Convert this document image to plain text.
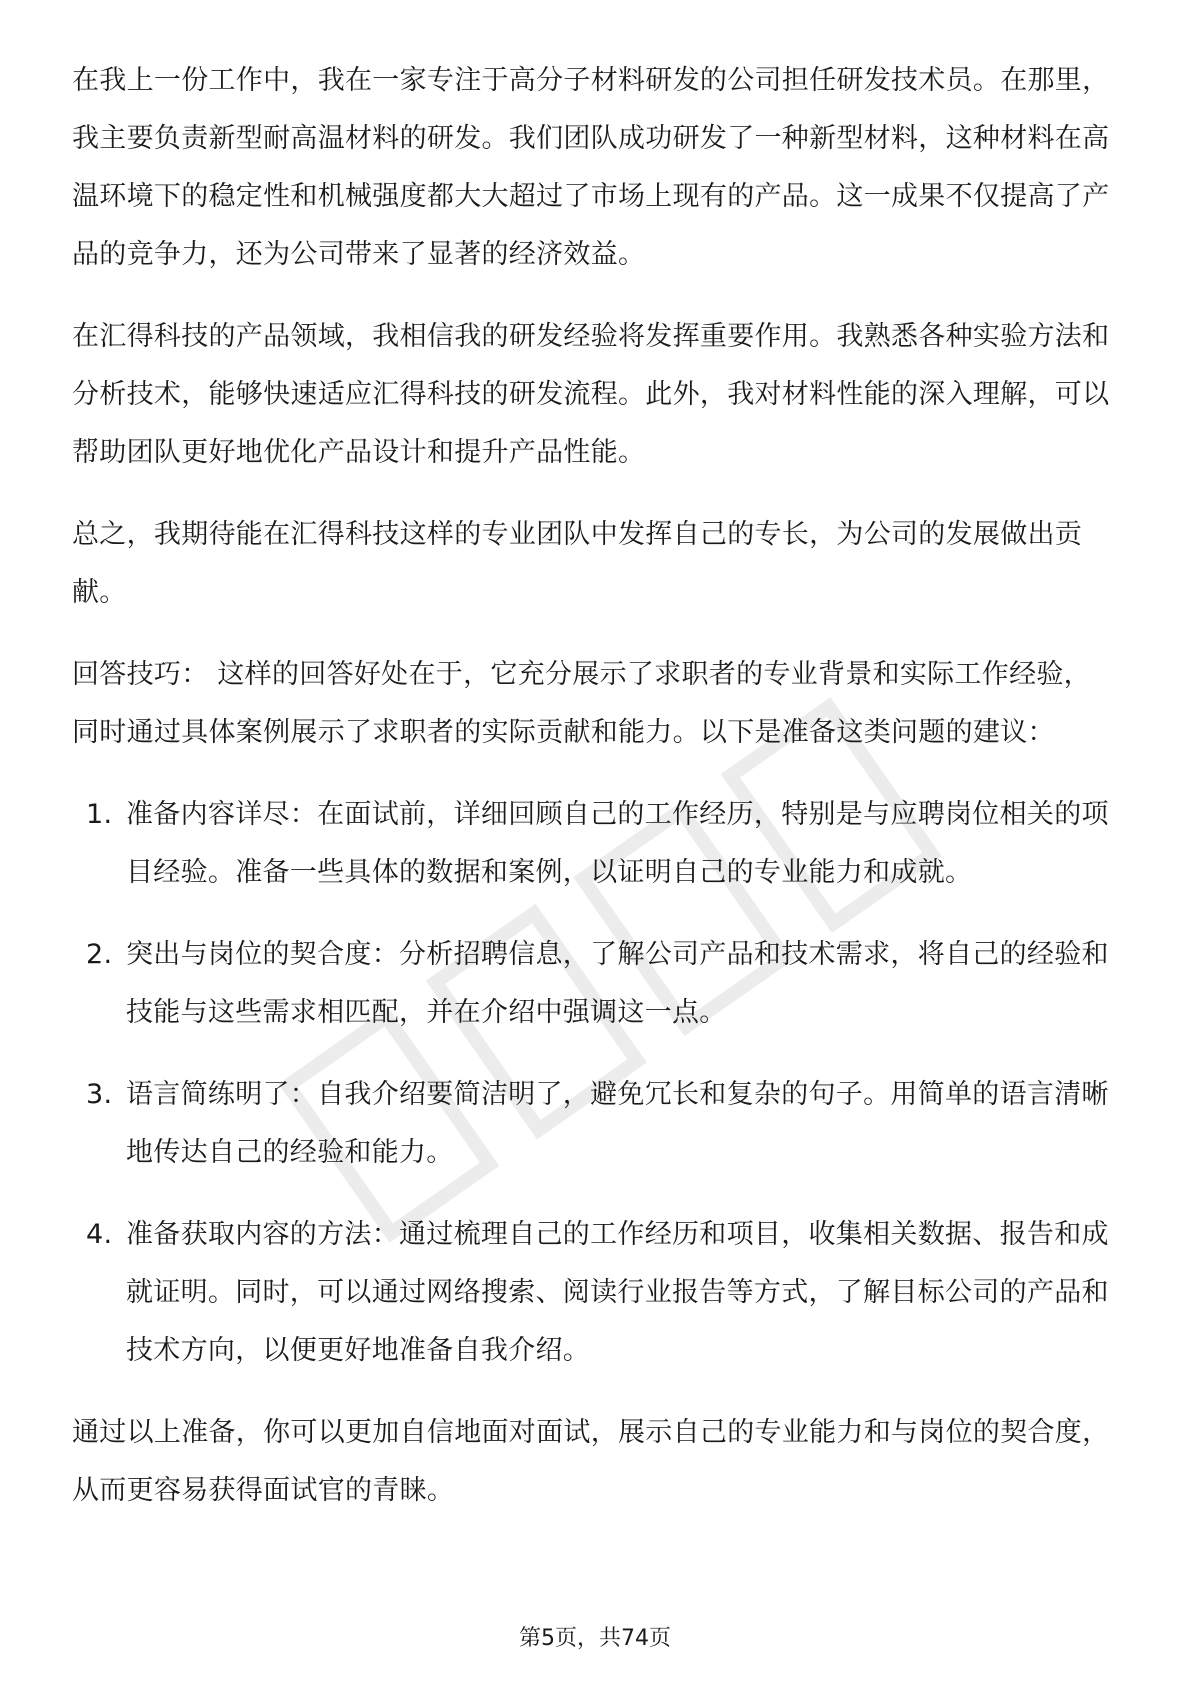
在我上一份工作中，我在一家专注于高分子材料研发的公司担任研发技术员。在那里，我主要负责新型耐高温材料的研发。我们团队成功研发了一种新型材料，这种材料在高温环境下的稳定性和机械强度都大大超过了市场上现有的产品。这一成果不仅提高了产品的竞争力，还为公司带来了显著的经济效益。

在汇得科技的产品领域，我相信我的研发经验将发挥重要作用。我熟悉各种实验方法和分析技术，能够快速适应汇得科技的研发流程。此外，我对材料性能的深入理解，可以帮助团队更好地优化产品设计和提升产品性能。

总之，我期待能在汇得科技这样的专业团队中发挥自己的专长，为公司的发展做出贡献。

回答技巧： 这样的回答好处在于，它充分展示了求职者的专业背景和实际工作经验，同时通过具体案例展示了求职者的实际贡献和能力。以下是准备这类问题的建议：

1. 准备内容详尽：在面试前，详细回顾自己的工作经历，特别是与应聘岗位相关的项目经验。准备一些具体的数据和案例，以证明自己的专业能力和成就。
2. 突出与岗位的契合度：分析招聘信息，了解公司产品和技术需求，将自己的经验和技能与这些需求相匹配，并在介绍中强调这一点。
3. 语言简练明了：自我介绍要简洁明了，避免冗长和复杂的句子。用简单的语言清晰地传达自己的经验和能力。
4. 准备获取内容的方法：通过梳理自己的工作经历和项目，收集相关数据、报告和成就证明。同时，可以通过网络搜索、阅读行业报告等方式，了解目标公司的产品和技术方向，以便更好地准备自我介绍。

通过以上准备，你可以更加自信地面对面试，展示自己的专业能力和与岗位的契合度，从而更容易获得面试官的青睐。

第5页，共74页
